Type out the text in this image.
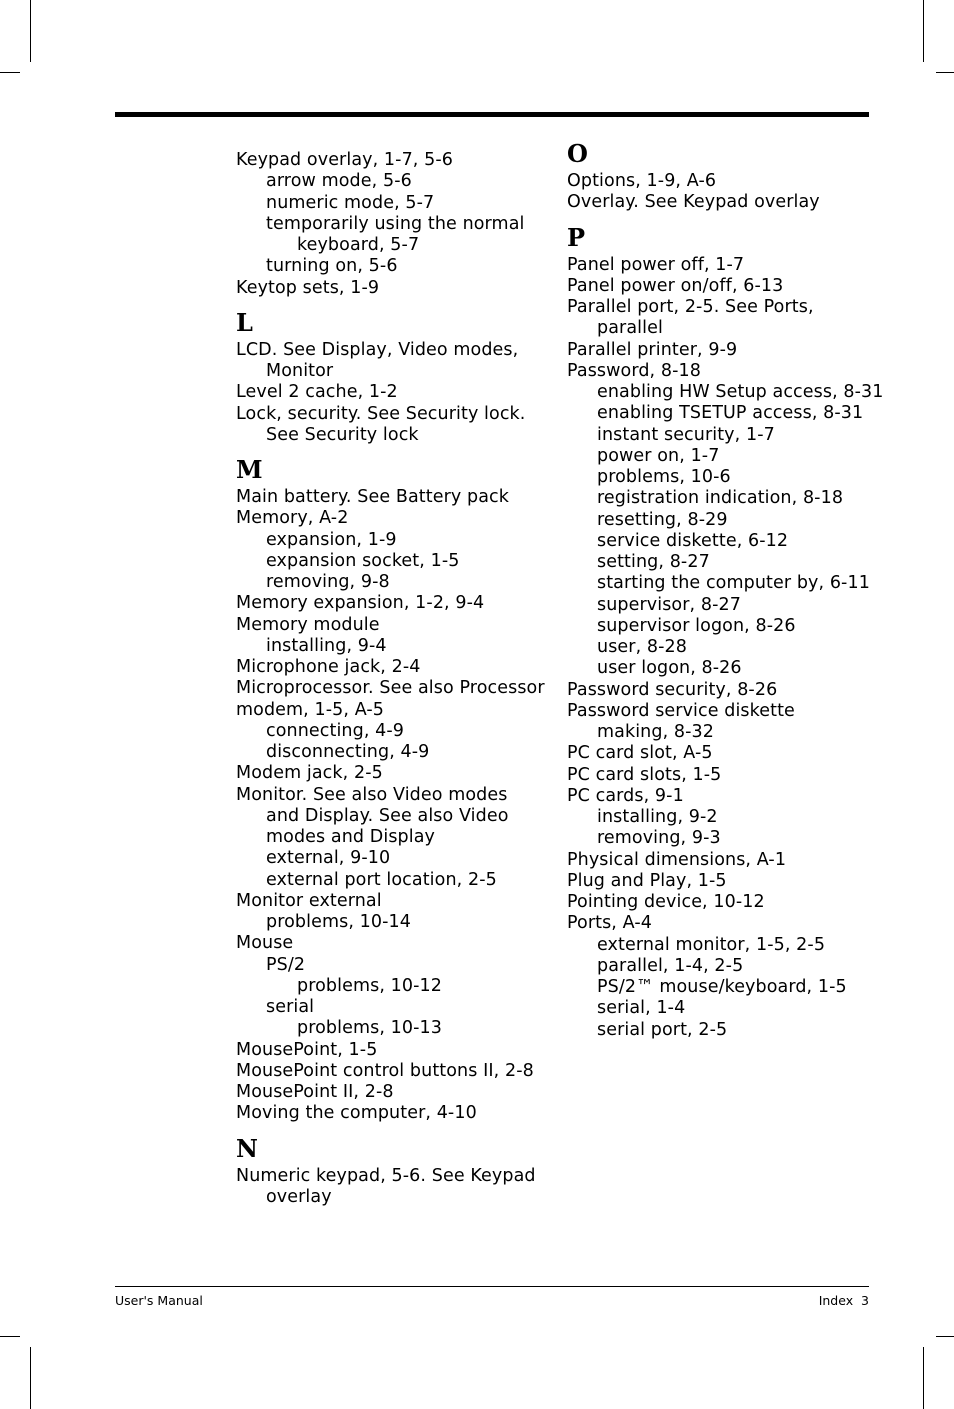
Keypad overlay, 1-7, 5-6
arrow mode, 5-6
numeric mode, 5-7
temporarily using the normal
keyboard, 5-7
turning on, 5-6
Keytop sets, 1-9
L
LCD. See Display, Video modes,
Monitor
Level 2 cache, 1-2
Lock, security. See Security lock.
See Security lock
M
Main battery. See Battery pack
Memory, A-2
expansion, 1-9
expansion socket, 1-5
removing, 9-8
Memory expansion, 1-2, 9-4
Memory module
installing, 9-4
Microphone jack, 2-4
Microprocessor. See also Processor
modem, 1-5, A-5
connecting, 4-9
disconnecting, 4-9
Modem jack, 2-5
Monitor. See also Video modes
and Display. See also Video
modes and Display
external, 9-10
external port location, 2-5
Monitor external
problems, 10-14
Mouse
PS/2
problems, 10-12
serial
problems, 10-13
MousePoint, 1-5
MousePoint control buttons II, 2-8
MousePoint II, 2-8
Moving the computer, 4-10
N
Numeric keypad, 5-6. See Keypad
overlay
O
Options, 1-9, A-6
Overlay. See Keypad overlay
P
Panel power off, 1-7
Panel power on/off, 6-13
Parallel port, 2-5. See Ports,
parallel
Parallel printer, 9-9
Password, 8-18
enabling HW Setup access, 8-31
enabling TSETUP access, 8-31
instant security, 1-7
power on, 1-7
problems, 10-6
registration indication, 8-18
resetting, 8-29
service diskette, 6-12
setting, 8-27
starting the computer by, 6-11
supervisor, 8-27
supervisor logon, 8-26
user, 8-28
user logon, 8-26
Password security, 8-26
Password service diskette
making, 8-32
PC card slot, A-5
PC card slots, 1-5
PC cards, 9-1
installing, 9-2
removing, 9-3
Physical dimensions, A-1
Plug and Play, 1-5
Pointing device, 10-12
Ports, A-4
external monitor, 1-5, 2-5
parallel, 1-4, 2-5
PS/2™ mouse/keyboard, 1-5
serial, 1-4
serial port, 2-5
User's Manual	Index  3
